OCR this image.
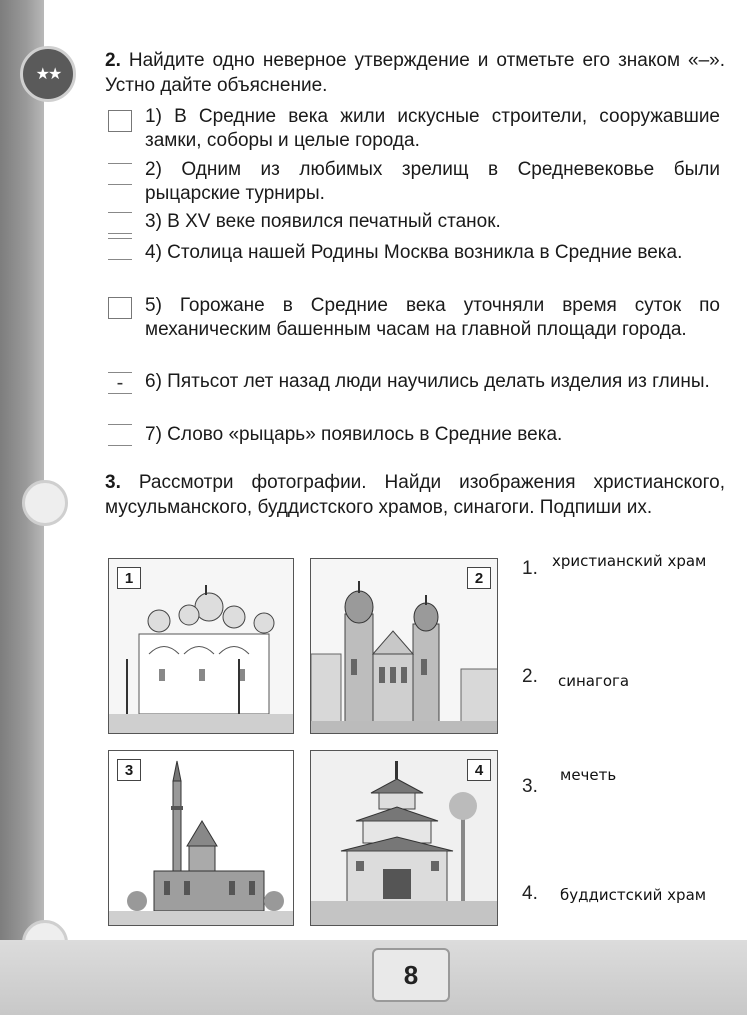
★★
2. Найдите одно неверное утверждение и отметьте его знаком «–». Устно дайте объяснение.
1) В Средние века жили искусные строители, сооружавшие замки, соборы и целые города.
2) Одним из любимых зрелищ в Средневековье были рыцарские турниры.
3) В XV веке появился печатный станок.
4) Столица нашей Родины Москва возникла в Средние века.
5) Горожане в Средние века уточняли время суток по механическим башенным часам на главной площади города.
-	6) Пятьсот лет назад люди научились делать изделия из глины.
7) Слово «рыцарь» появилось в Средние века.
3. Рассмотри фотографии. Найди изображения христианского, мусульманского, буддистского храмов, синагоги. Подпиши их.
1	2
3	4
1. христианский храм
2. синагога
3.
мечеть
4. буддистский храм
8
